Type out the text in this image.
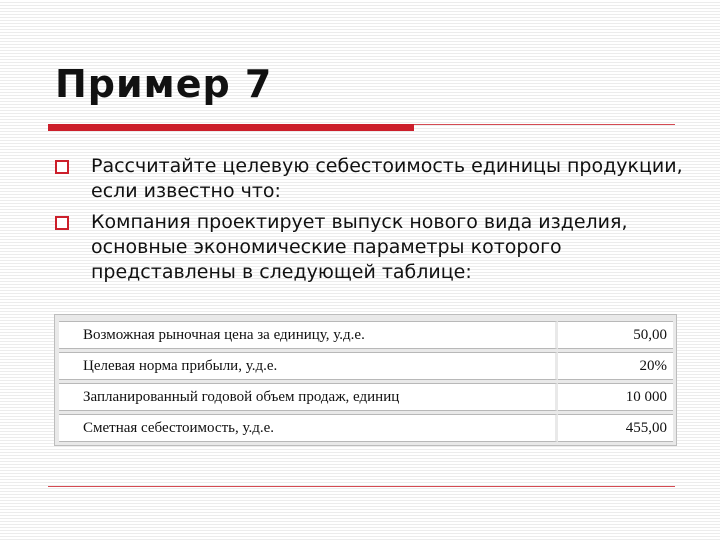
Пример 7
Рассчитайте целевую себестоимость единицы продукции, если известно что:
Компания проектирует выпуск нового вида изделия, основные экономические параметры которого представлены в следующей таблице:
Возможная рыночная цена за единицу, у.д.е.	50,00
Целевая норма прибыли, у.д.е.	20%
Запланированный годовой объем продаж, единиц	10 000
Сметная себестоимость, у.д.е.	455,00
